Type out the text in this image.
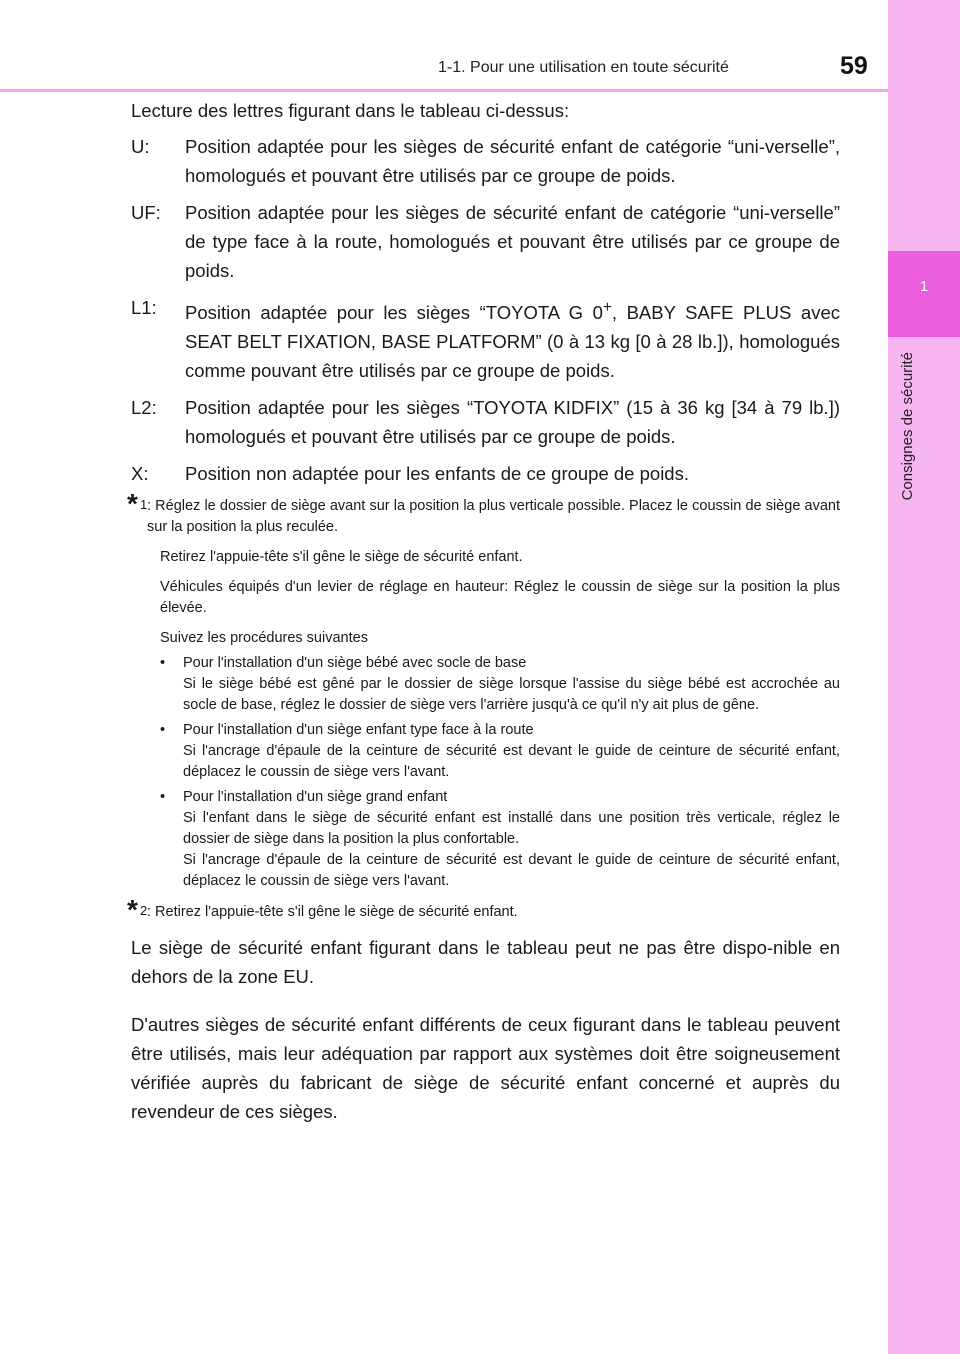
1
Consignes de sécurité
1-1. Pour une utilisation en toute sécurité	59

Lecture des lettres figurant dans le tableau ci-dessus:

U: Position adaptée pour les sièges de sécurité enfant de catégorie “uni-verselle”, homologués et pouvant être utilisés par ce groupe de poids.
UF: Position adaptée pour les sièges de sécurité enfant de catégorie “uni-verselle” de type face à la route, homologués et pouvant être utilisés par ce groupe de poids.
L1: Position adaptée pour les sièges “TOYOTA G 0+, BABY SAFE PLUS avec SEAT BELT FIXATION, BASE PLATFORM” (0 à 13 kg [0 à 28 lb.]), homologués comme pouvant être utilisés par ce groupe de poids.
L2: Position adaptée pour les sièges “TOYOTA KIDFIX” (15 à 36 kg [34 à 79 lb.]) homologués et pouvant être utilisés par ce groupe de poids.
X: Position non adaptée pour les enfants de ce groupe de poids.
* 1 : Réglez le dossier de siège avant sur la position la plus verticale possible. Placez le coussin de siège avant sur la position la plus reculée.

Retirez l'appuie-tête s'il gêne le siège de sécurité enfant.

Véhicules équipés d'un levier de réglage en hauteur: Réglez le coussin de siège sur la position la plus élevée.

Suivez les procédures suivantes

• Pour l'installation d'un siège bébé avec socle de base
Si le siège bébé est gêné par le dossier de siège lorsque l'assise du siège bébé est accrochée au socle de base, réglez le dossier de siège vers l'arrière jusqu'à ce qu'il n'y ait plus de gêne.
• Pour l'installation d'un siège enfant type face à la route
Si l'ancrage d'épaule de la ceinture de sécurité est devant le guide de ceinture de sécurité enfant, déplacez le coussin de siège vers l'avant.
• Pour l'installation d'un siège grand enfant
Si l'enfant dans le siège de sécurité enfant est installé dans une position très verticale, réglez le dossier de siège dans la position la plus confortable.
Si l'ancrage d'épaule de la ceinture de sécurité est devant le guide de ceinture de sécurité enfant, déplacez le coussin de siège vers l'avant.
* 2 : Retirez l'appuie-tête s'il gêne le siège de sécurité enfant.

Le siège de sécurité enfant figurant dans le tableau peut ne pas être dispo-nible en dehors de la zone EU.

D'autres sièges de sécurité enfant différents de ceux figurant dans le tableau peuvent être utilisés, mais leur adéquation par rapport aux systèmes doit être soigneusement vérifiée auprès du fabricant de siège de sécurité enfant concerné et auprès du revendeur de ces sièges.
